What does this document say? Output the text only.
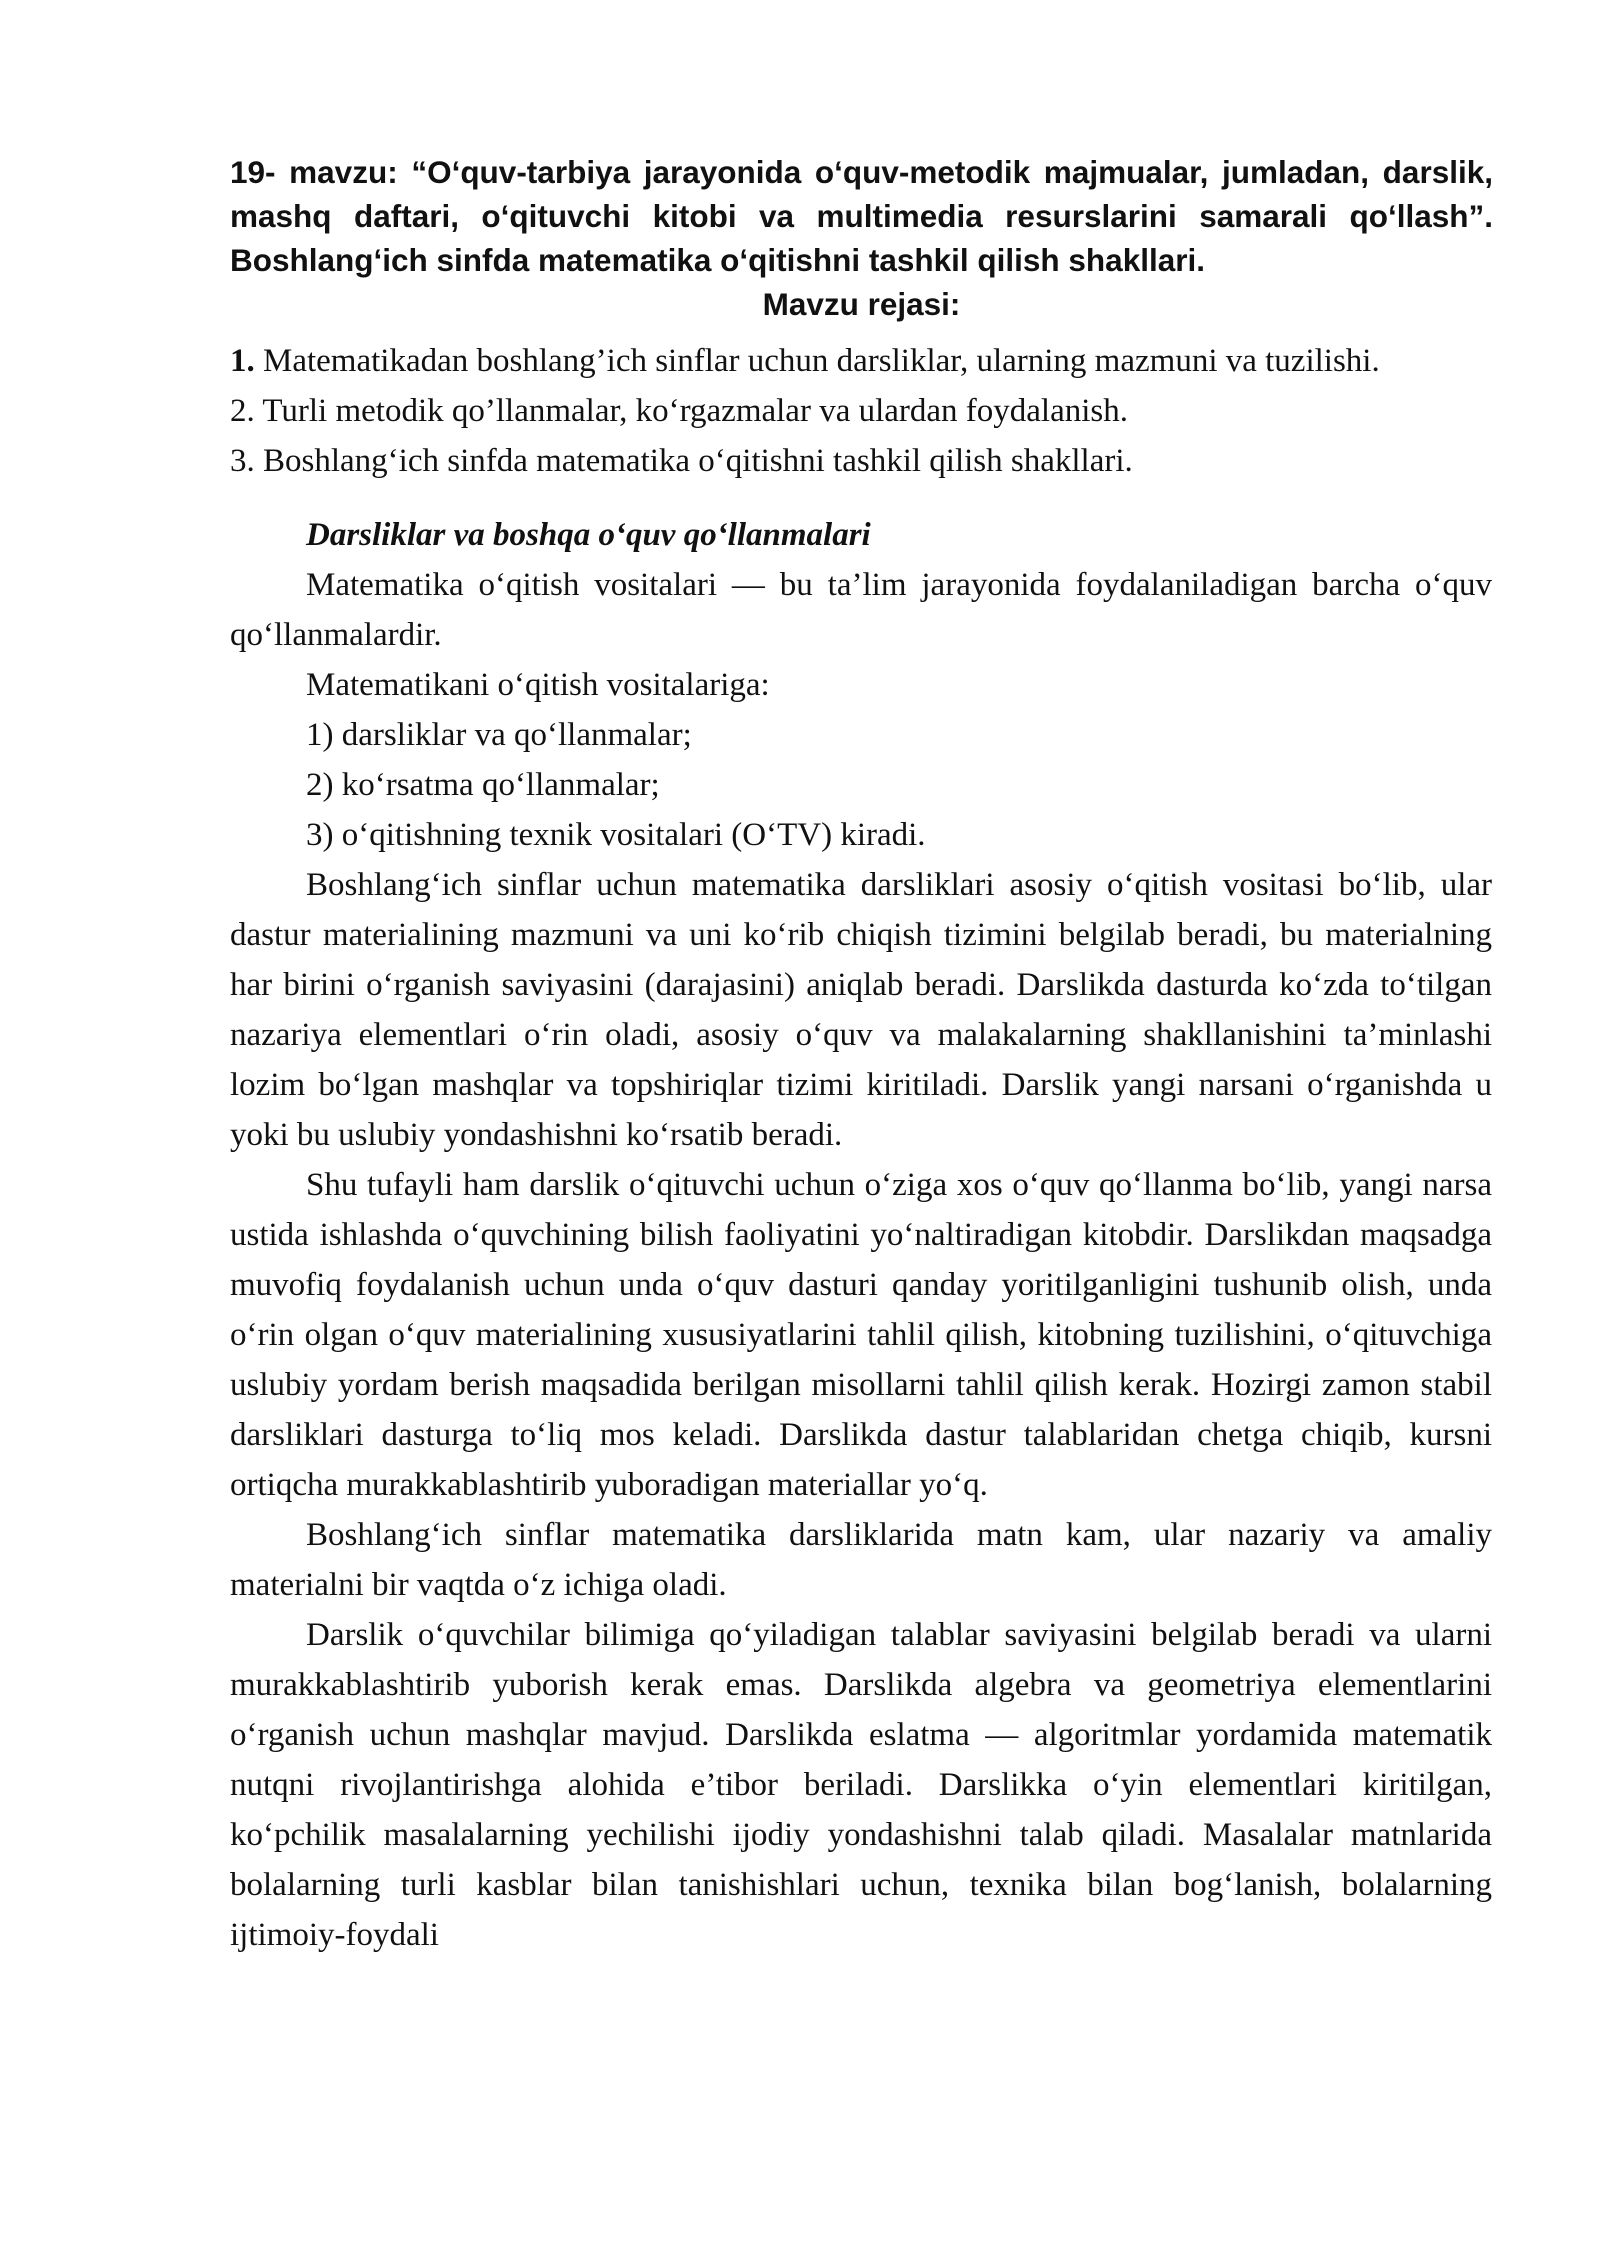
19- mavzu: “O‘quv-tarbiya jarayonida o‘quv-metodik majmualar, jumladan, darslik, mashq daftari, o‘qituvchi kitobi va multimedia resurslarini samarali qo‘llash”. Boshlang‘ich sinfda matematika o‘qitishni tashkil qilish shakllari.

Mavzu rejasi:

1. Matematikadan boshlang’ich sinflar uchun darsliklar, ularning mazmuni va tuzilishi.

2. Turli metodik qo’llanmalar, ko‘rgazmalar va ulardan foydalanish.

3. Boshlang‘ich sinfda matematika o‘qitishni tashkil qilish shakllari.

Darsliklar va boshqa o‘quv qo‘llanmalari

Matematika o‘qitish vositalari — bu ta’lim jarayonida foydalaniladigan barcha o‘quv qo‘llanmalardir.

Matematikani o‘qitish vositalariga:

1) darsliklar va qo‘llanmalar;

2) ko‘rsatma qo‘llanmalar;

3) o‘qitishning texnik vositalari (O‘TV) kiradi.

Boshlang‘ich sinflar uchun matematika darsliklari asosiy o‘qitish vositasi bo‘lib, ular dastur materialining mazmuni va uni ko‘rib chiqish tizimini belgilab beradi, bu materialning har birini o‘rganish saviyasini (darajasini) aniqlab beradi. Darslikda dasturda ko‘zda to‘tilgan nazariya elementlari o‘rin oladi, asosiy o‘quv va malakalarning shakllanishini ta’minlashi lozim bo‘lgan mashqlar va topshiriqlar tizimi kiritiladi. Darslik yangi narsani o‘rganishda u yoki bu uslubiy yondashishni ko‘rsatib beradi.

Shu tufayli ham darslik o‘qituvchi uchun o‘ziga xos o‘quv qo‘llanma bo‘lib, yangi narsa ustida ishlashda o‘quvchining bilish faoliyatini yo‘naltiradigan kitobdir. Darslikdan maqsadga muvofiq foydalanish uchun unda o‘quv dasturi qanday yoritilganligini tushunib olish, unda o‘rin olgan o‘quv materialining xususiyatlarini tahlil qilish, kitobning tuzilishini, o‘qituvchiga uslubiy yordam berish maqsadida berilgan misollarni tahlil qilish kerak. Hozirgi zamon stabil darsliklari dasturga to‘liq mos keladi. Darslikda dastur talablaridan chetga chiqib, kursni ortiqcha murakkablashtirib yuboradigan materiallar yo‘q.

Boshlang‘ich sinflar matematika darsliklarida matn kam, ular nazariy va amaliy materialni bir vaqtda o‘z ichiga oladi.

Darslik o‘quvchilar bilimiga qo‘yiladigan talablar saviyasini belgilab beradi va ularni murakkablashtirib yuborish kerak emas. Darslikda algebra va geometriya elementlarini o‘rganish uchun mashqlar mavjud. Darslikda eslatma — algoritmlar yordamida matematik nutqni rivojlantirishga alohida e’tibor beriladi. Darslikka o‘yin elementlari kiritilgan, ko‘pchilik masalalarning yechilishi ijodiy yondashishni talab qiladi. Masalalar matnlarida bolalarning turli kasblar bilan tanishishlari uchun, texnika bilan bog‘lanish, bolalarning ijtimoiy-foydali
